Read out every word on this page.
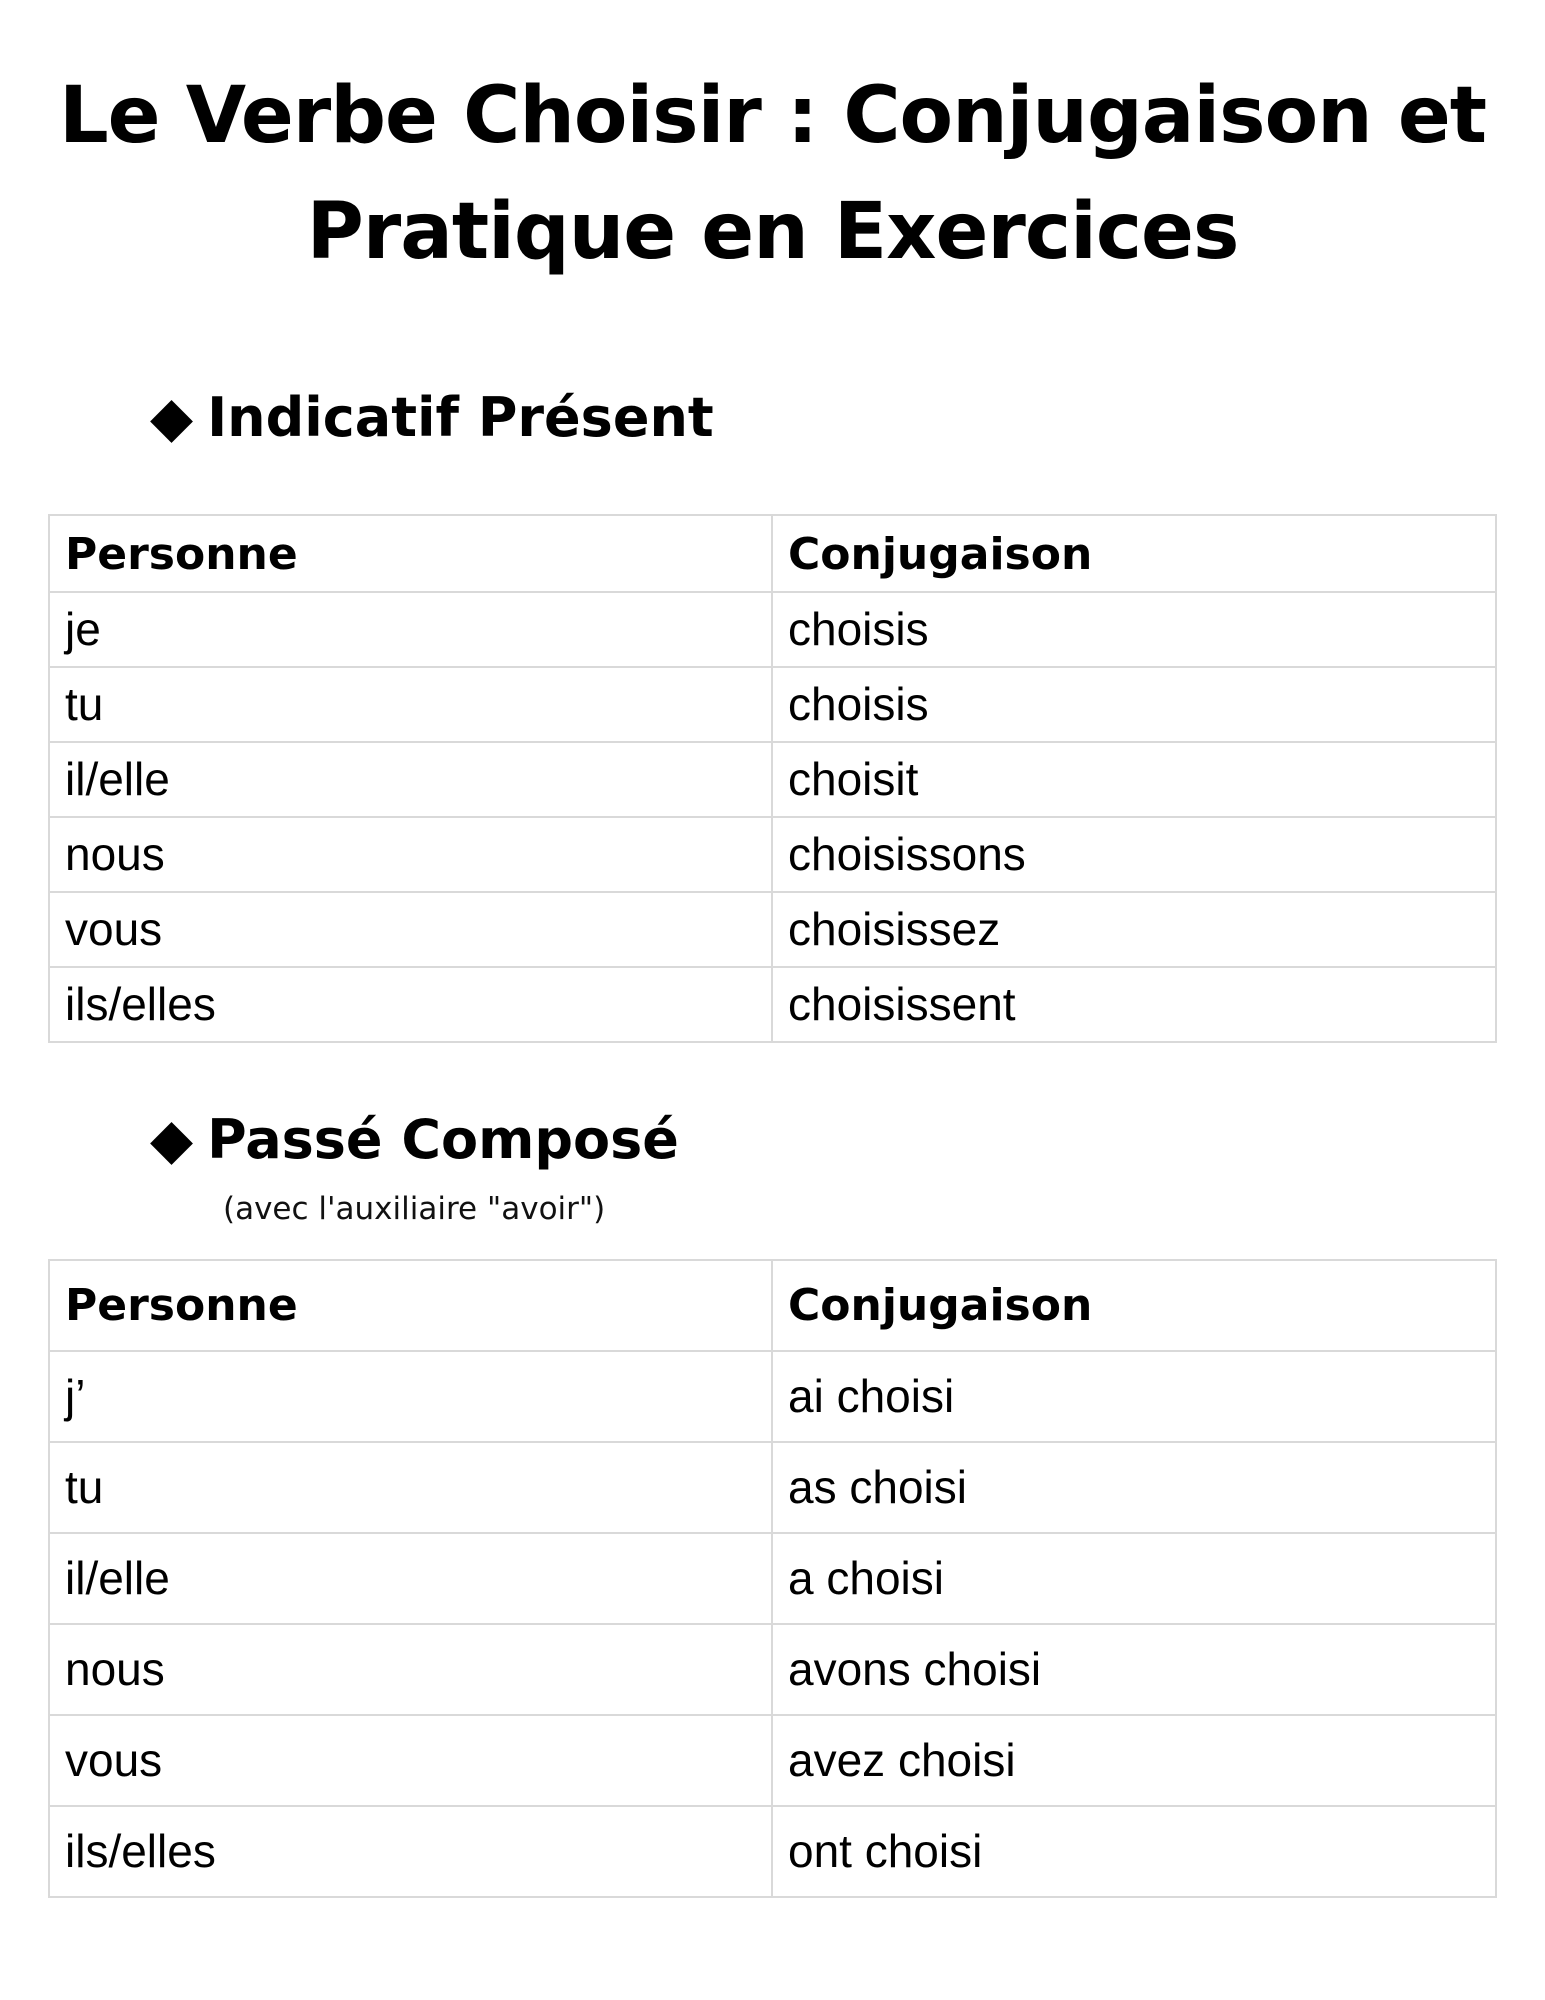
Le Verbe Choisir : Conjugaison et
Pratique en Exercices
◆ Indicatif Présent
Personne	Conjugaison
je	choisis
tu	choisis
il/elle	choisit
nous	choisissons
vous	choisissez
ils/elles	choisissent
◆ Passé Composé

(avec l'auxiliaire "avoir")

Personne	Conjugaison
j’	ai choisi
tu	as choisi
il/elle	a choisi
nous	avons choisi
vous	avez choisi
ils/elles	ont choisi
